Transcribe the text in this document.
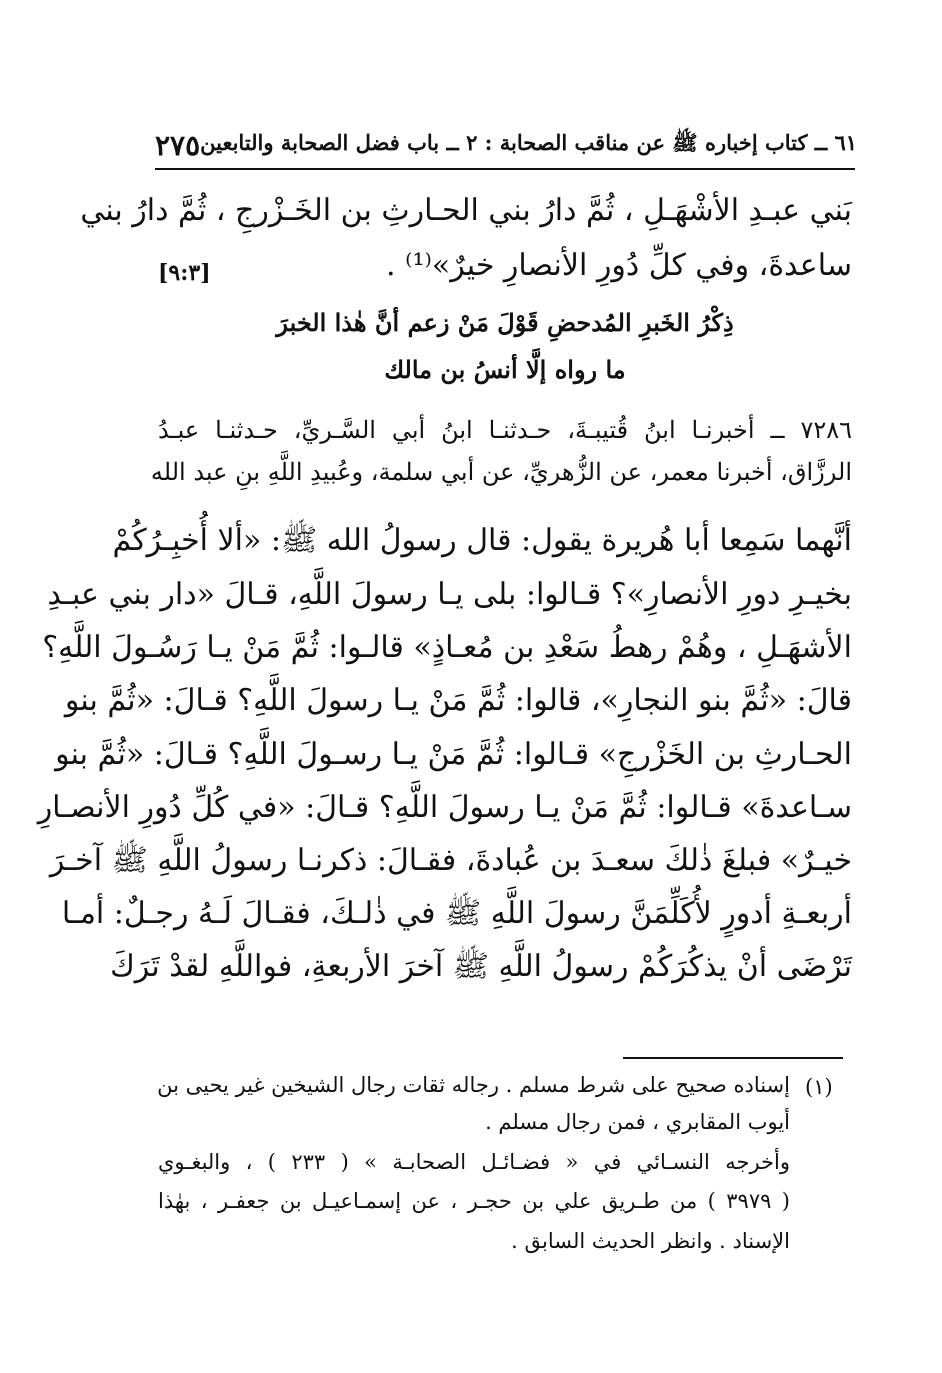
٢٧٥ ٦١ ــ كتاب إخباره ﷺ عن مناقب الصحابة : ٢ ــ باب فضل الصحابة والتابعين
بَني عبـدِ الأشْهَـلِ ، ثُمَّ دارُ بني الحـارثِ بن الخَـزْرجِ ، ثُمَّ دارُ بني
ساعدةَ، وفي كلِّ دُورِ الأنصارِ خيرٌ»⁽¹⁾ .
[٩:٣]
ذِكْرُ الخَبرِ المُدحضِ قَوْلَ مَنْ زعم أنَّ هٰذا الخبرَ
ما رواه إلَّا أنسُ بن مالك
٧٢٨٦ ــ أخبرنـا ابنُ قُتيبـةَ، حـدثنـا ابنُ أبي السَّـريِّ، حـدثنـا عبـدُ
الرزَّاق، أخبرنا معمر، عن الزُّهريِّ، عن أبي سلمة، وعُبيدِ اللَّهِ بنِ عبد الله
أنَّهما سَمِعا أبا هُريرة يقول: قال رسولُ الله ﷺ: «ألا أُخبِـرُكُمْ
بخيـرِ دورِ الأنصارِ»؟ قـالوا: بلى يـا رسولَ اللَّهِ، قـالَ «دار بني عبـدِ
الأشهَـلِ ، وهُمْ رهطُ سَعْدِ بن مُعـاذٍ» قالـوا: ثُمَّ مَنْ يـا رَسُـولَ اللَّهِ؟
قالَ: «ثُمَّ بنو النجارِ»، قالوا: ثُمَّ مَنْ يـا رسولَ اللَّهِ؟ قـالَ: «ثُمَّ بنو
الحـارثِ بن الخَزْرجِ» قـالوا: ثُمَّ مَنْ يـا رسـولَ اللَّهِ؟ قـالَ: «ثُمَّ بنو
سـاعدةَ» قـالوا: ثُمَّ مَنْ يـا رسولَ اللَّهِ؟ قـالَ: «في كُلِّ دُورِ الأنصـارِ
خيـرٌ» فبلغَ ذٰلكَ سعـدَ بن عُبادةَ، فقـالَ: ذكرنـا رسولُ اللَّهِ ﷺ آخـرَ
أربعـةِ أدورٍ لأُكَلِّمَنَّ رسولَ اللَّهِ ﷺ في ذٰلـكَ، فقـالَ لَـهُ رجـلٌ: أمـا
تَرْضَى أنْ يذكُرَكُمْ رسولُ اللَّهِ ﷺ آخرَ الأربعةِ، فواللَّهِ لقدْ تَرَكَ
(١)
إسناده صحيح على شرط مسلم . رجاله ثقات رجال الشيخين غير يحيى بن
أيوب المقابري ، فمن رجال مسلم .
وأخرجه النسـائي في « فضـائـل الصحابـة » ( ٢٣٣ ) ، والبغـوي
( ٣٩٧٩ ) من طـريق علي بن حجـر ، عن إسمـاعيـل بن جعفـر ، بهٰذا
الإسناد . وانظر الحديث السابق .
